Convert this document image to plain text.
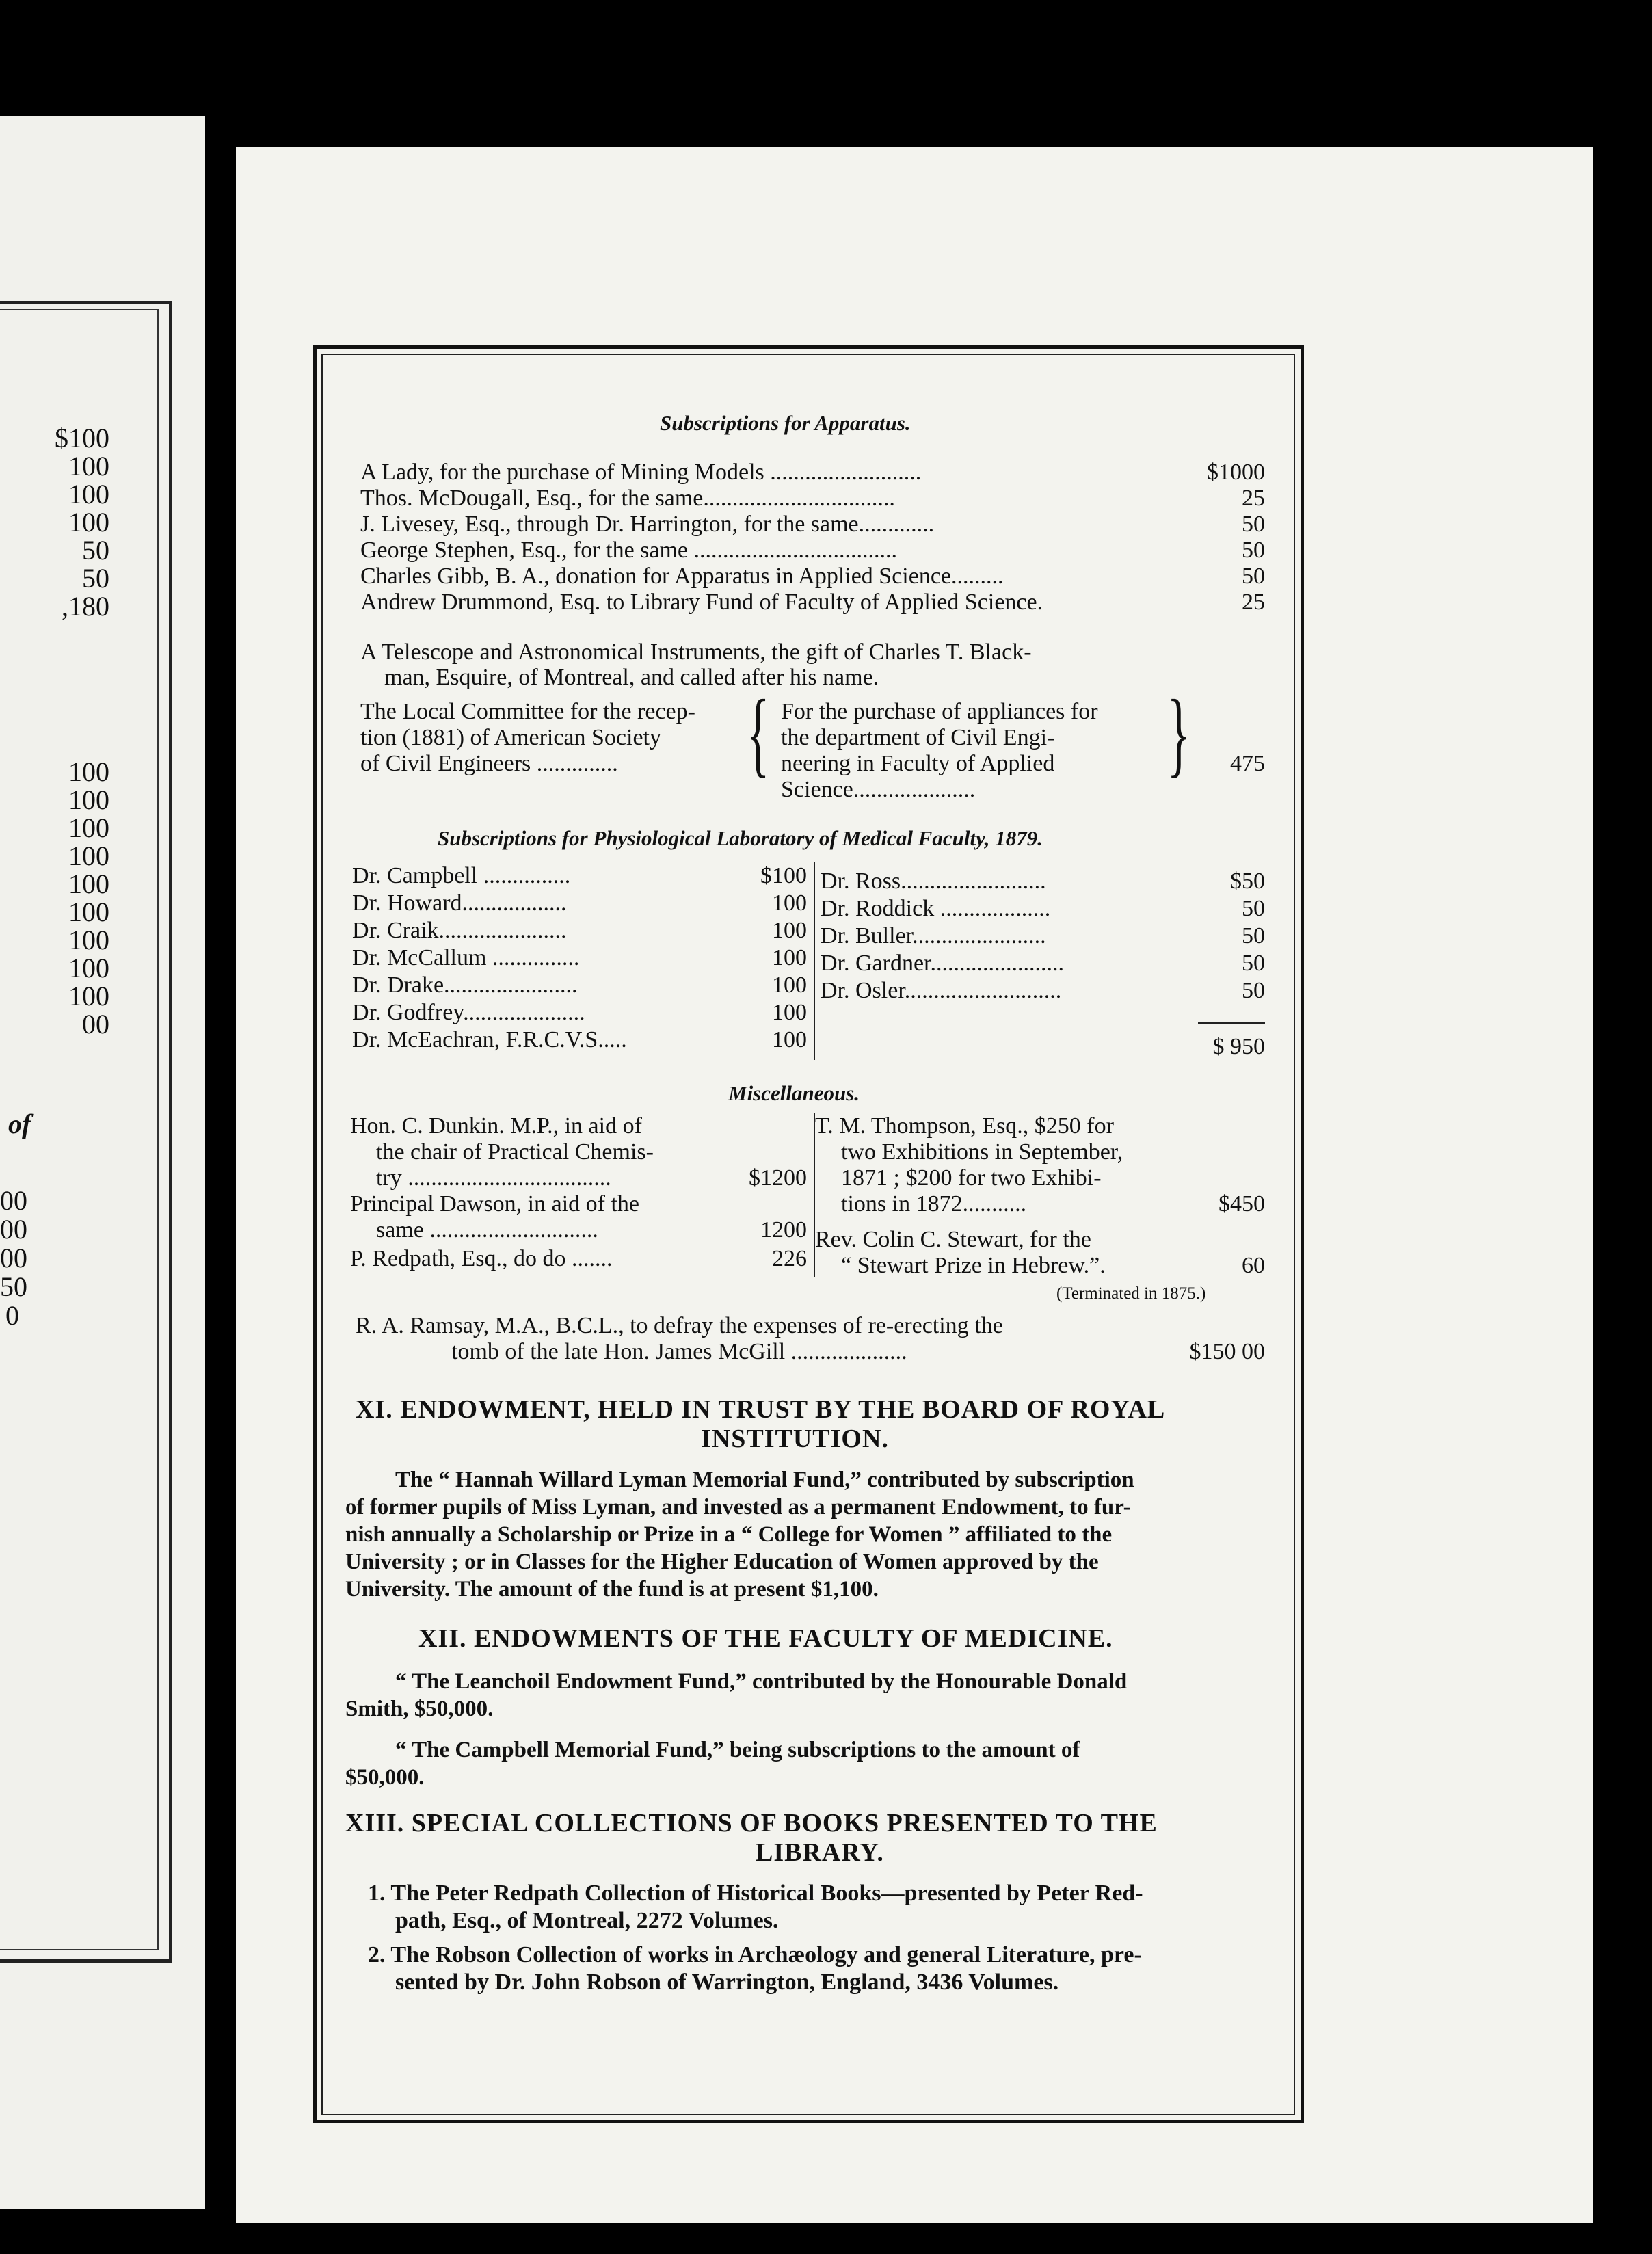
$100
100
100
100
50
50
,180
100
100
100
100
100
100
100
100
100
00
of
00
00
00
50
0
Subscriptions for Apparatus.
A Lady, for the purchase of Mining Models ..........................	$1000
Thos. McDougall, Esq., for the same.................................	25
J. Livesey, Esq., through Dr. Harrington, for the same.............	50
George Stephen, Esq., for the same ...................................	50
Charles Gibb, B. A., donation for Apparatus in Applied Science.........	50
Andrew Drummond, Esq. to Library Fund of Faculty of Applied Science.	25
A Telescope and Astronomical Instruments, the gift of Charles T. Black-
man, Esquire, of Montreal, and called after his name.
The Local Committee for the recep-
tion (1881) of American Society
of Civil Engineers .............. { For the purchase of appliances for
the department of Civil Engi-
neering in Faculty of Applied
Science.....................
}	475
Subscriptions for Physiological Laboratory of Medical Faculty, 1879.
Dr. Campbell ...............	$100
Dr. Howard..................	100
Dr. Craik......................	100
Dr. McCallum ...............	100
Dr. Drake.......................	100
Dr. Godfrey.....................	100
Dr. McEachran, F.R.C.V.S.....	100
Dr. Ross.........................	$50
Dr. Roddick ...................	50
Dr. Buller.......................	50
Dr. Gardner.......................	50
Dr. Osler...........................	50
$ 950
Miscellaneous.
Hon. C. Dunkin. M.P., in aid of
the chair of Practical Chemis-
try ...................................	$1200
Principal Dawson, in aid of the
same .............................	1200
P. Redpath, Esq., do do .......	226
T. M. Thompson, Esq., $250 for
two Exhibitions in September,
1871 ; $200 for two Exhibi-
tions in 1872...........	$450
Rev. Colin C. Stewart, for the
“ Stewart Prize in Hebrew.”.	60
(Terminated in 1875.)
R. A. Ramsay, M.A., B.C.L., to defray the expenses of re-erecting the
tomb of the late Hon. James McGill ....................	$150 00
XI. ENDOWMENT, HELD IN TRUST BY THE BOARD OF ROYAL
INSTITUTION.
The “ Hannah Willard Lyman Memorial Fund,” contributed by subscription
of former pupils of Miss Lyman, and invested as a permanent Endowment, to fur-
nish annually a Scholarship or Prize in a “ College for Women ” affiliated to the
University ; or in Classes for the Higher Education of Women approved by the
University. The amount of the fund is at present $1,100.
XII. ENDOWMENTS OF THE FACULTY OF MEDICINE.
“ The Leanchoil Endowment Fund,” contributed by the Honourable Donald
Smith, $50,000.
“ The Campbell Memorial Fund,” being subscriptions to the amount of
$50,000.
XIII. SPECIAL COLLECTIONS OF BOOKS PRESENTED TO THE
LIBRARY.
1. The Peter Redpath Collection of Historical Books—presented by Peter Red-
path, Esq., of Montreal, 2272 Volumes.
2. The Robson Collection of works in Archæology and general Literature, pre-
sented by Dr. John Robson of Warrington, England, 3436 Volumes.
